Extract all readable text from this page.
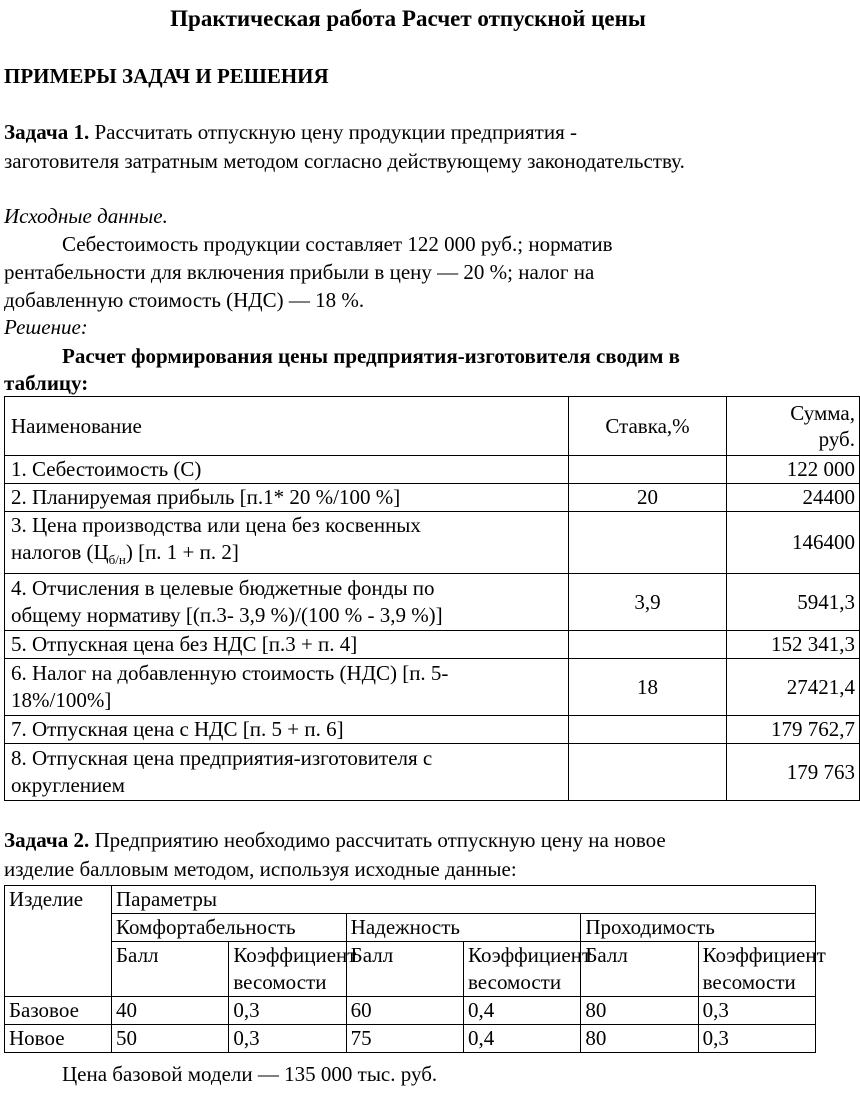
Практическая работа Расчет отпускной цены
ПРИМЕРЫ ЗАДАЧ И РЕШЕНИЯ
Задача 1. Рассчитать отпускную цену продукции предприятия -
заготовителя затратным методом согласно действующему законодательству.
Исходные данные.
Себестоимость продукции составляет 122 000 руб.; норматив
рентабельности для включения прибыли в цену — 20 %; налог на
добавленную стоимость (НДС) — 18 %.
Решение:
Расчет формирования цены предприятия-изготовителя сводим в
таблицу:
Наименование	Ставка,%	Сумма,
руб.
1. Себестоимость (С)		122 000
2. Планируемая прибыль [п.1* 20 %/100 %]	20	24400
3. Цена производства или цена без косвенных
налогов $(Ц_{б/н})$ [п. 1 + п. 2]		146400
4. Отчисления в целевые бюджетные фонды по
общему нормативу [(п.3- 3,9 %)/(100 % - 3,9 %)]	3,9	5941,3
5. Отпускная цена без НДС [п.3 + п. 4]		152 341,3
6. Налог на добавленную стоимость (НДС) [п. 5-
18%/100%]	18	27421,4
7. Отпускная цена с НДС [п. 5 + п. 6]		179 762,7
8. Отпускная цена предприятия-изготовителя с
округлением		179 763
Задача 2. Предприятию необходимо рассчитать отпускную цену на новое
изделие балловым методом, используя исходные данные:
Изделие	Параметры					
	Комфортабельность		Надежность		Проходимость	
	Балл	Коэффициент
весомости	Балл	Коэффициент
весомости	Балл	Коэффициент
весомости
Базовое	40	0,3	60	0,4	80	0,3
Новое	50	0,3	75	0,4	80	0,3
Цена базовой модели — 135 000 тыс. руб.
